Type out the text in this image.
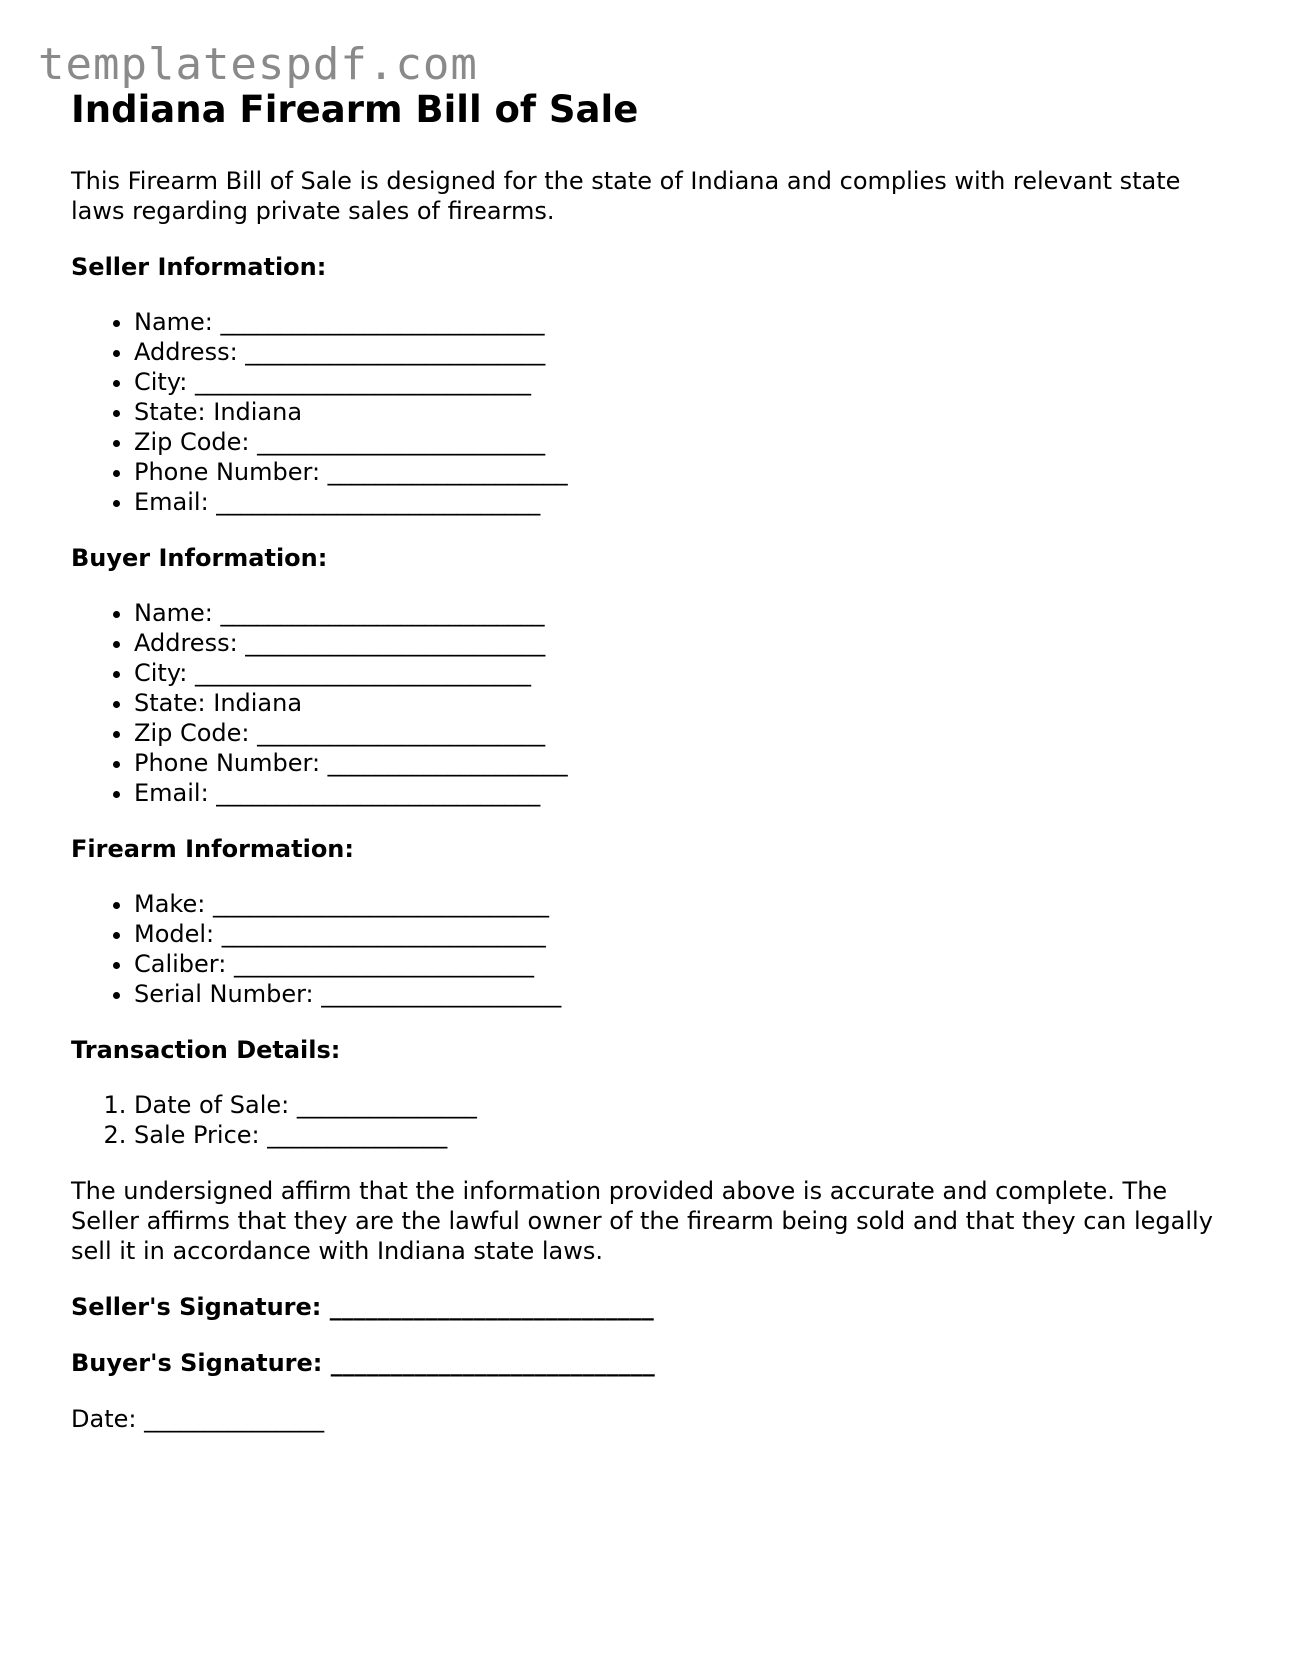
templatespdf.com
Indiana Firearm Bill of Sale

This Firearm Bill of Sale is designed for the state of Indiana and complies with relevant state laws regarding private sales of firearms.

Seller Information:
• Name: ___________________________
• Address: _________________________
• City: ____________________________
• State: Indiana
• Zip Code: ________________________
• Phone Number: ____________________
• Email: ___________________________
Buyer Information:
• Name: ___________________________
• Address: _________________________
• City: ____________________________
• State: Indiana
• Zip Code: ________________________
• Phone Number: ____________________
• Email: ___________________________
Firearm Information:
• Make: ____________________________
• Model: ___________________________
• Caliber: _________________________
• Serial Number: ____________________
Transaction Details:
1. Date of Sale: _______________
2. Sale Price: _______________

The undersigned affirm that the information provided above is accurate and complete. The Seller affirms that they are the lawful owner of the firearm being sold and that they can legally sell it in accordance with Indiana state laws.

Seller's Signature: ___________________________

Buyer's Signature: ___________________________

Date: _______________
